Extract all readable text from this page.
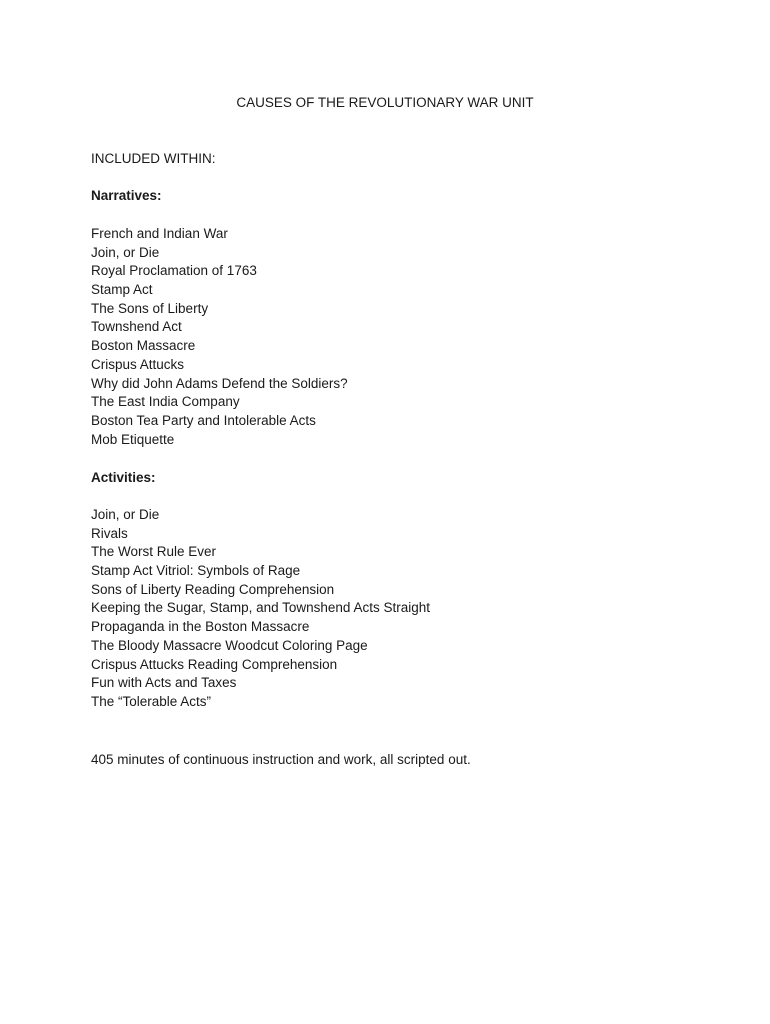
CAUSES OF THE REVOLUTIONARY WAR UNIT

INCLUDED WITHIN:

Narratives:

French and Indian War
Join, or Die
Royal Proclamation of 1763
Stamp Act
The Sons of Liberty
Townshend Act
Boston Massacre
Crispus Attucks
Why did John Adams Defend the Soldiers?
The East India Company
Boston Tea Party and Intolerable Acts
Mob Etiquette

Activities:

Join, or Die
Rivals
The Worst Rule Ever
Stamp Act Vitriol: Symbols of Rage
Sons of Liberty Reading Comprehension
Keeping the Sugar, Stamp, and Townshend Acts Straight
Propaganda in the Boston Massacre
The Bloody Massacre Woodcut Coloring Page
Crispus Attucks Reading Comprehension
Fun with Acts and Taxes
The “Tolerable Acts”

405 minutes of continuous instruction and work, all scripted out.
